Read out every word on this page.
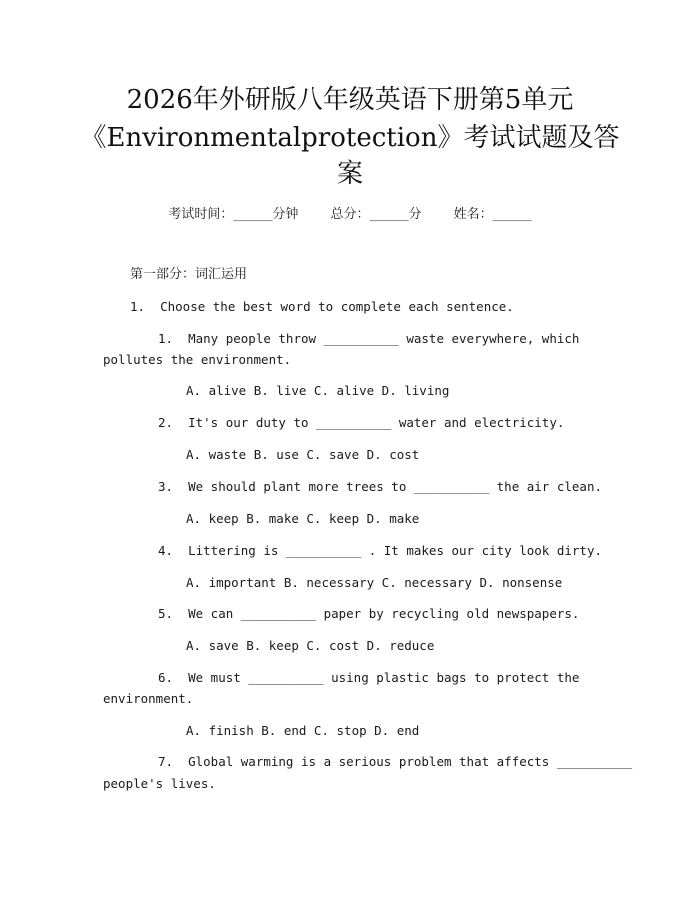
2026年外研版八年级英语下册第5单元
《Environmentalprotection》考试试题及答
案
考试时间：______分钟 总分：______分 姓名：______
第一部分：词汇运用
1.  Choose the best word to complete each sentence.
1.  Many people throw __________ waste everywhere, which
pollutes the environment.
A. alive B. live C. alive D. living
2.  It's our duty to __________ water and electricity.
A. waste B. use C. save D. cost
3.  We should plant more trees to __________ the air clean.
A. keep B. make C. keep D. make
4.  Littering is __________ . It makes our city look dirty.
A. important B. necessary C. necessary D. nonsense
5.  We can __________ paper by recycling old newspapers.
A. save B. keep C. cost D. reduce
6.  We must __________ using plastic bags to protect the
environment.
A. finish B. end C. stop D. end
7.  Global warming is a serious problem that affects __________
people's lives.
